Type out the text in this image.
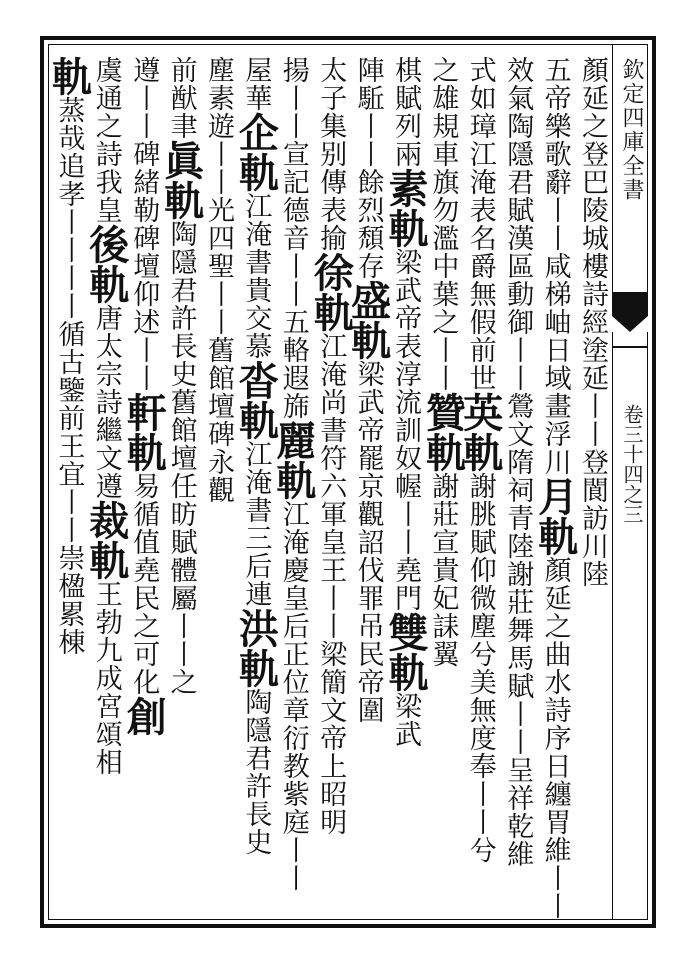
欽定四庫全書
卷三十四之三
顏延之登巴陵城樓詩經塗延丨丨登閬訪川陸
五帝樂歌辭丨丨咸梯岫日域畫浮川月軌顏延之曲水詩序日纏胃維丨丨
效氣陶隱君賦漢區動御丨丨鶯文隋祠青陸謝莊舞馬賦丨丨呈祥乾維
式如璋江淹表名爵無假前世英軌謝朓賦仰微塵兮美無度奉丨丨兮
之雄規車旗勿濫中葉之丨丨贊軌謝莊宣貴妃誄翼
棋賦列兩素軌梁武帝表淳流訓奴幄丨丨堯門雙軌梁武
陣駈丨丨餘烈頹存盛軌梁武帝罷京觀詔伐罪吊民帝圍
太子集别傳表揄徐軌江淹尚書符六軍皇王丨丨梁簡文帝上昭明
揚丨丨宣記德音丨丨五輅遐旆麗軌江淹慶皇后正位章衍教紫庭丨丨
屋華企軌江淹書貴交慕沓軌江淹書三后連洪軌陶隱君許長史
塵素遊丨丨光四聖丨丨舊館壇碑永觀
前猷聿眞軌陶隱君許長史舊館壇任昉賦體屬丨丨之
遵丨丨碑緒勒碑壇仰述丨丨軒軌易循值堯民之可化創
虞通之詩我皇後軌唐太宗詩繼文遵裁軌王勃九成宮頌相
軌蒸哉追孝丨丨丨丨循古鑒前王宜丨丨崇楹累棟
